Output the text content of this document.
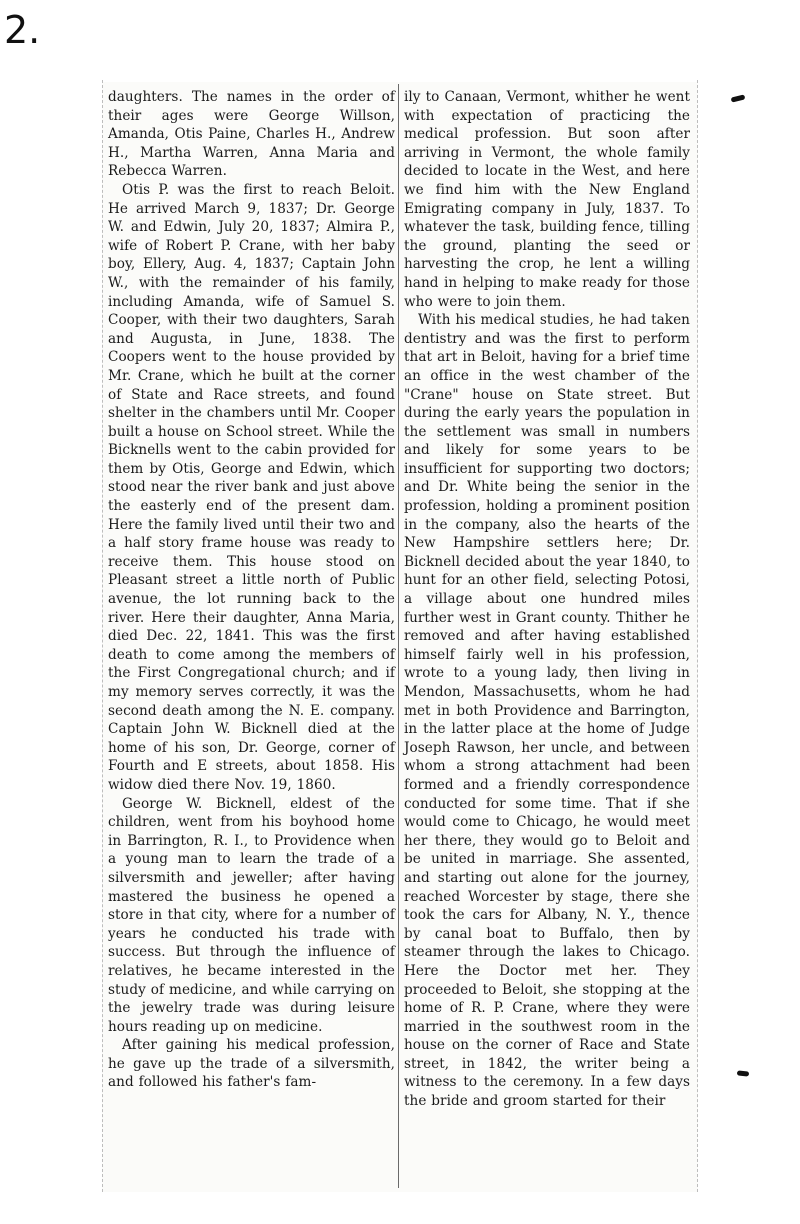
2.

daughters. The names in the order of their ages were George Willson, Amanda, Otis Paine, Charles H., Andrew H., Martha Warren, Anna Maria and Rebecca Warren.

Otis P. was the first to reach Beloit. He arrived March 9, 1837; Dr. George W. and Edwin, July 20, 1837; Almira P., wife of Robert P. Crane, with her baby boy, Ellery, Aug. 4, 1837; Captain John W., with the remainder of his family, including Amanda, wife of Samuel S. Cooper, with their two daughters, Sarah and Augusta, in June, 1838. The Coopers went to the house provided by Mr. Crane, which he built at the corner of State and Race streets, and found shelter in the chambers until Mr. Cooper built a house on School street. While the Bicknells went to the cabin provided for them by Otis, George and Edwin, which stood near the river bank and just above the easterly end of the present dam. Here the family lived until their two and a half story frame house was ready to receive them. This house stood on Pleasant street a little north of Public avenue, the lot running back to the river. Here their daughter, Anna Maria, died Dec. 22, 1841. This was the first death to come among the members of the First Congregational church; and if my memory serves correctly, it was the second death among the N. E. company. Captain John W. Bicknell died at the home of his son, Dr. George, corner of Fourth and E streets, about 1858. His widow died there Nov. 19, 1860.

George W. Bicknell, eldest of the children, went from his boyhood home in Barrington, R. I., to Providence when a young man to learn the trade of a silversmith and jeweller; after having mastered the business he opened a store in that city, where for a number of years he conducted his trade with success. But through the influence of relatives, he became interested in the study of medicine, and while carrying on the jewelry trade was during leisure hours reading up on medicine.

After gaining his medical profession, he gave up the trade of a silversmith, and followed his father's fam-

ily to Canaan, Vermont, whither he went with expectation of practicing the medical profession. But soon after arriving in Vermont, the whole family decided to locate in the West, and here we find him with the New England Emigrating company in July, 1837. To whatever the task, building fence, tilling the ground, planting the seed or harvesting the crop, he lent a willing hand in helping to make ready for those who were to join them.

With his medical studies, he had taken dentistry and was the first to perform that art in Beloit, having for a brief time an office in the west chamber of the "Crane" house on State street. But during the early years the population in the settlement was small in numbers and likely for some years to be insufficient for supporting two doctors; and Dr. White being the senior in the profession, holding a prominent position in the company, also the hearts of the New Hampshire settlers here; Dr. Bicknell decided about the year 1840, to hunt for an other field, selecting Potosi, a village about one hundred miles further west in Grant county. Thither he removed and after having established himself fairly well in his profession, wrote to a young lady, then living in Mendon, Massachusetts, whom he had met in both Providence and Barrington, in the latter place at the home of Judge Joseph Rawson, her uncle, and between whom a strong attachment had been formed and a friendly correspondence conducted for some time. That if she would come to Chicago, he would meet her there, they would go to Beloit and be united in marriage. She assented, and starting out alone for the journey, reached Worcester by stage, there she took the cars for Albany, N. Y., thence by canal boat to Buffalo, then by steamer through the lakes to Chicago. Here the Doctor met her. They proceeded to Beloit, she stopping at the home of R. P. Crane, where they were married in the southwest room in the house on the corner of Race and State street, in 1842, the writer being a witness to the ceremony. In a few days the bride and groom started for their
